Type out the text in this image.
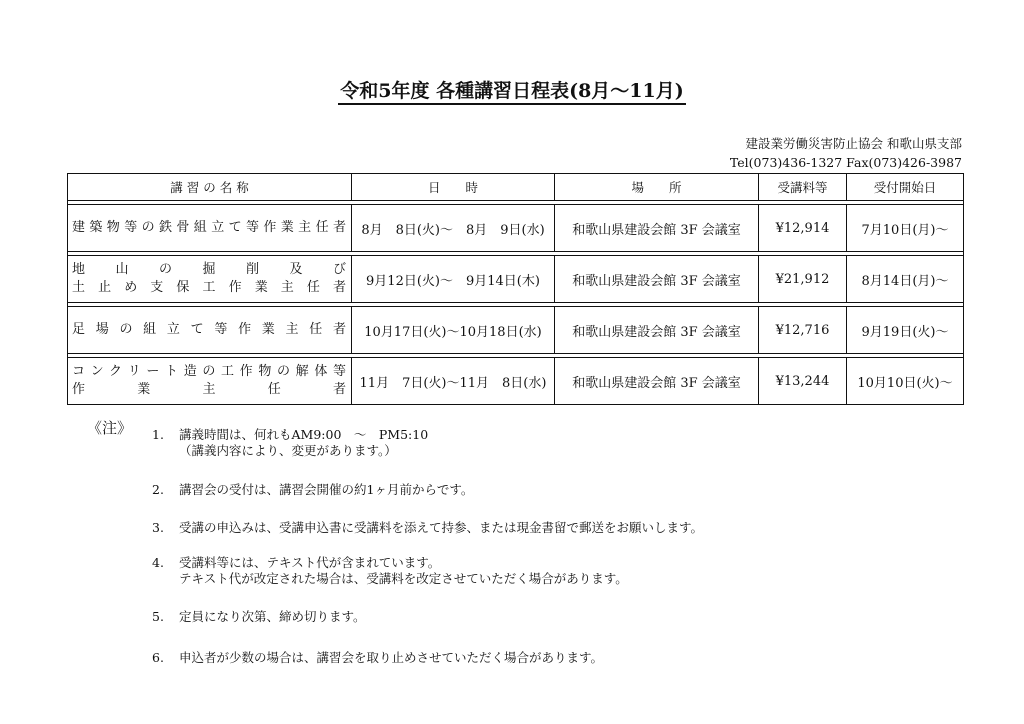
令和5年度 各種講習日程表(8月～11月)
建設業労働災害防止協会 和歌山県支部
Tel(073)436-1327 Fax(073)426-3987
講 習 の 名 称	日　　時	場　　所	受講料等	受付開始日

建築物等の鉄骨組立て等作業主任者	8月　8日(火)～　8月　9日(水)	和歌山県建設会館 3F 会議室	¥12,914	7月10日(月)～

地　山　の　掘　削　及　び
土 止 め 支 保 工 作 業 主 任 者	9月12日(火)～　9月14日(木)	和歌山県建設会館 3F 会議室	¥21,912	8月14日(月)～

足 場 の 組 立 て 等 作 業 主 任 者	10月17日(火)～10月18日(水)	和歌山県建設会館 3F 会議室	¥12,716	9月19日(火)～

コンクリート造の工作物の解体等
作　　業　　主　　任　　者	11月　7日(火)～11月　8日(水)	和歌山県建設会館 3F 会議室	¥13,244	10月10日(火)～
《注》 1.	講義時間は、何れもAM9:00　～　PM5:10
（講義内容により、変更があります。）
2.	講習会の受付は、講習会開催の約1ヶ月前からです。
3.	受講の申込みは、受講申込書に受講料を添えて持参、または現金書留で郵送をお願いします。
4.	受講料等には、テキスト代が含まれています。
テキスト代が改定された場合は、受講料を改定させていただく場合があります。
5.	定員になり次第、締め切ります。
6.	申込者が少数の場合は、講習会を取り止めさせていただく場合があります。
